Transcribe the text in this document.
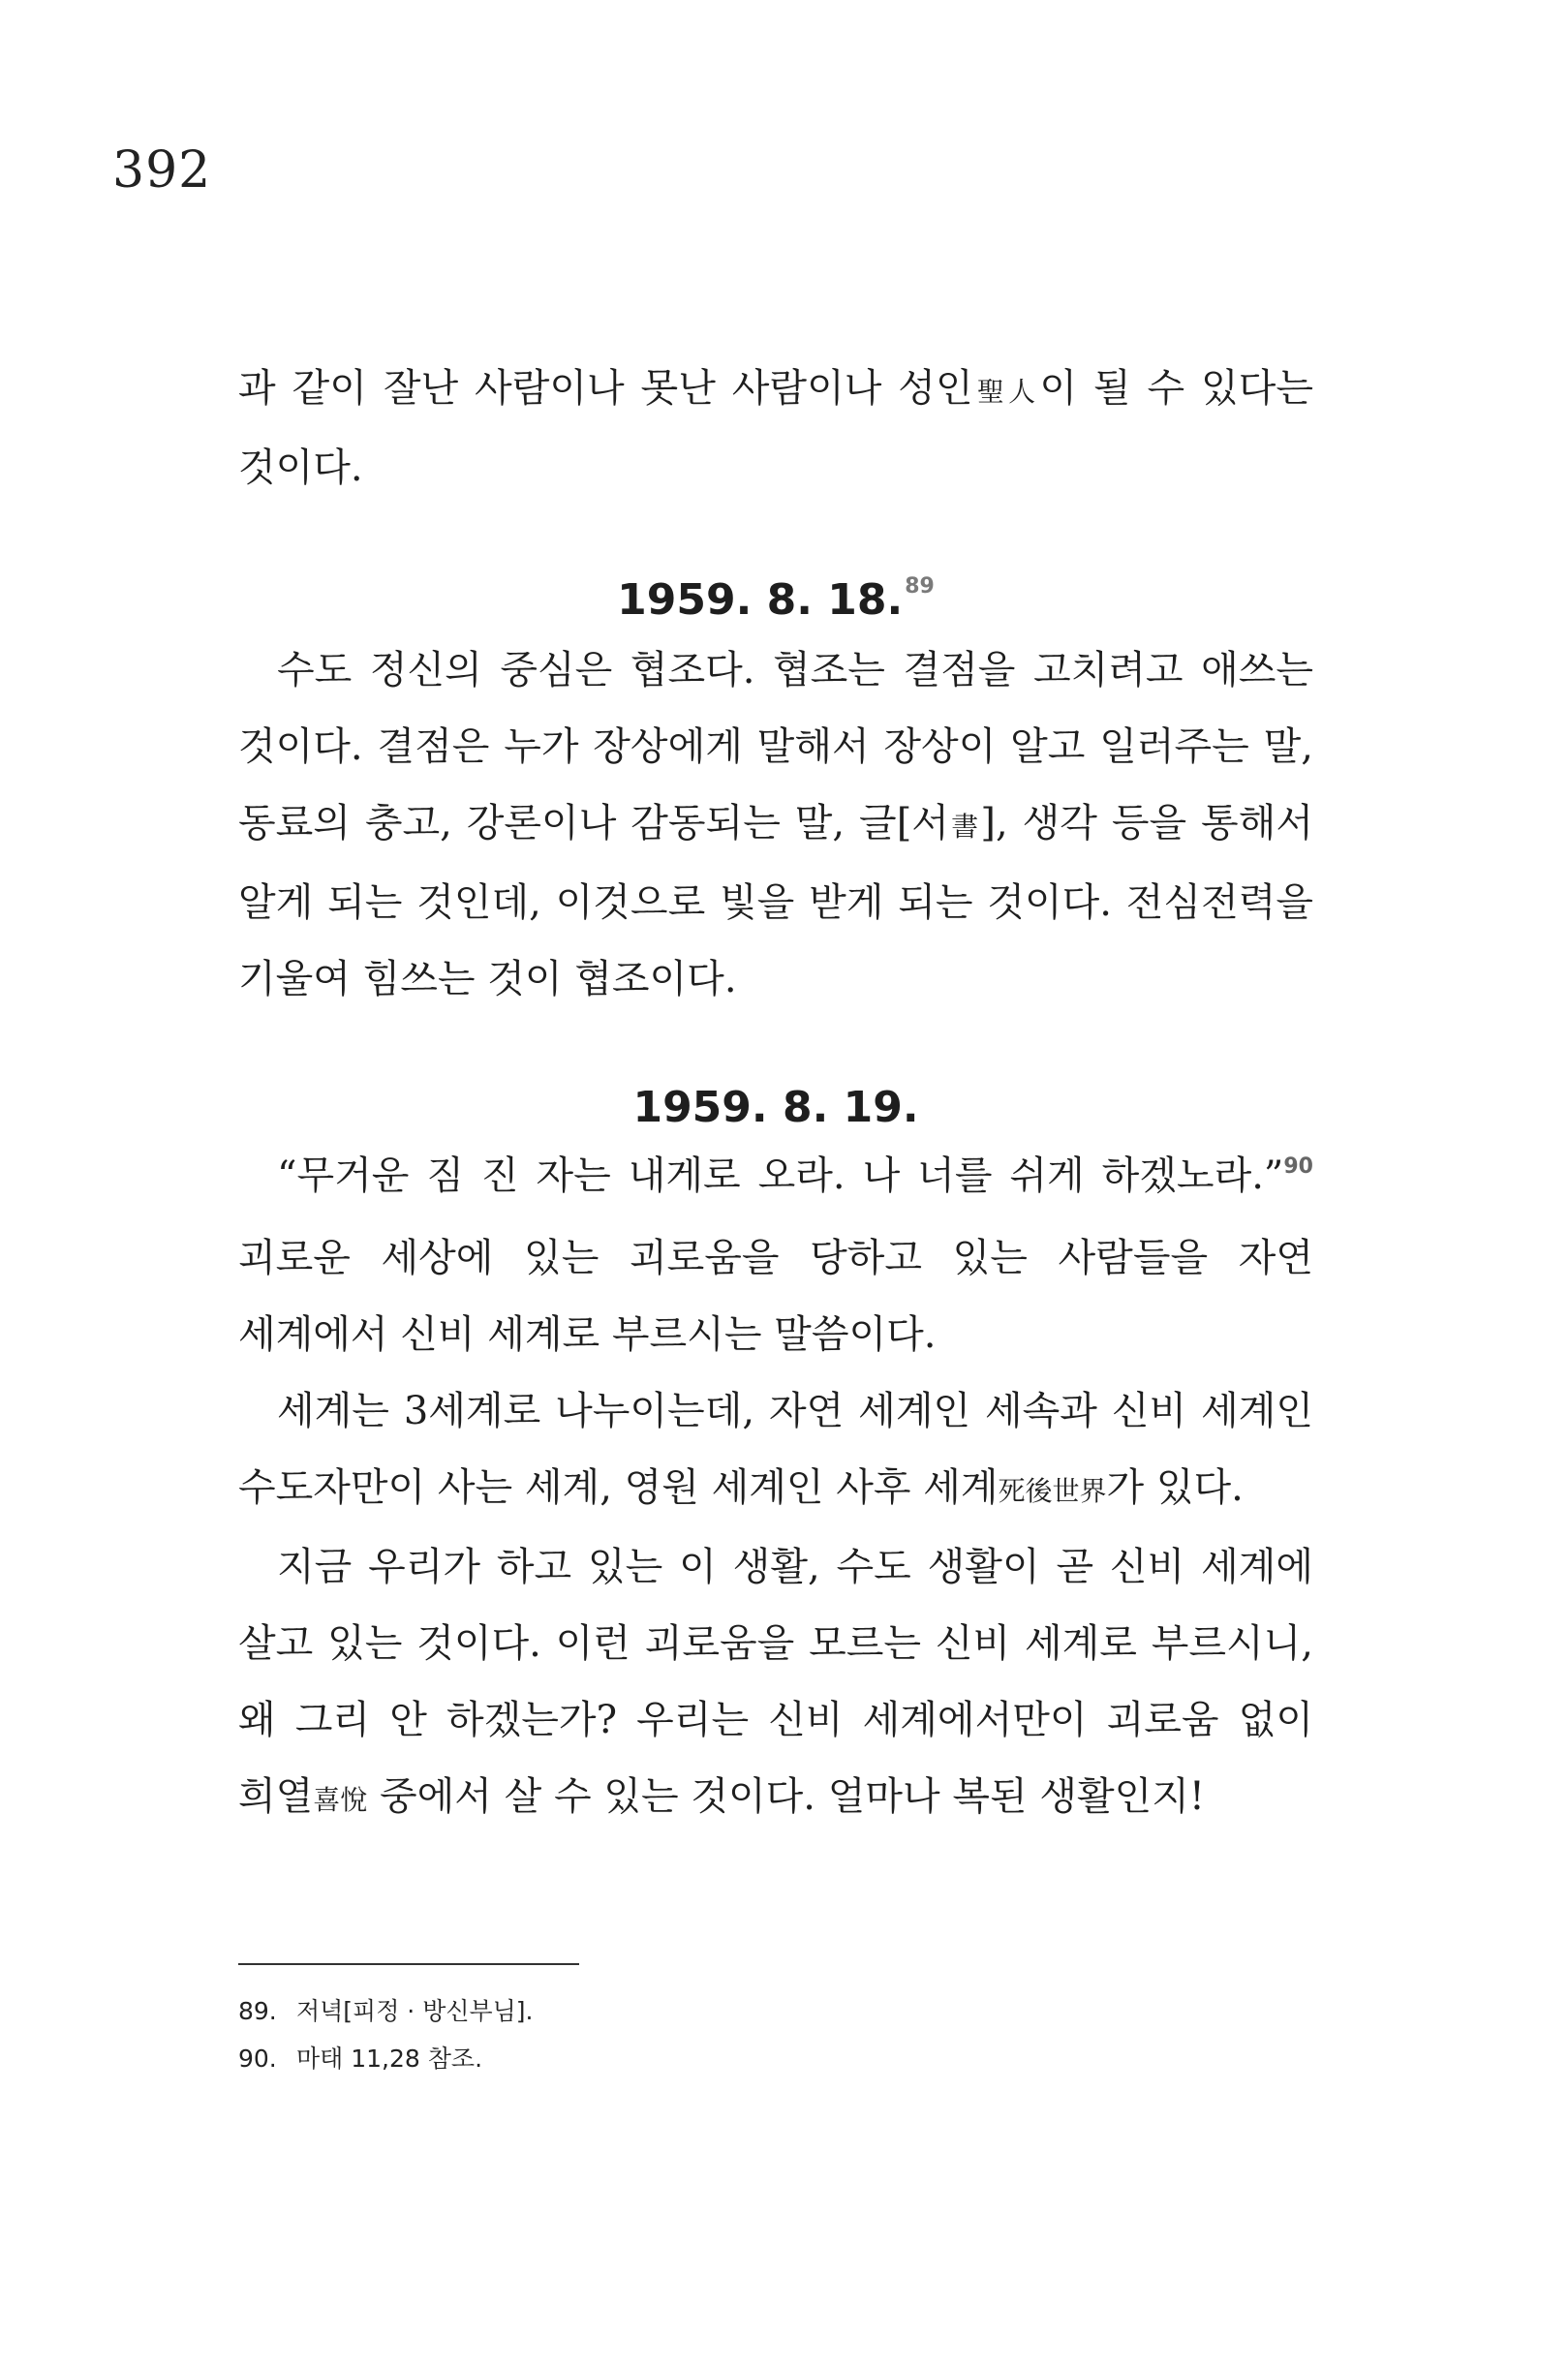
392

과 같이 잘난 사람이나 못난 사람이나 성인聖人이 될 수 있다는 것이다.

1959. 8. 18.89

수도 정신의 중심은 협조다. 협조는 결점을 고치려고 애쓰는 것이다. 결점은 누가 장상에게 말해서 장상이 알고 일러주는 말, 동료의 충고, 강론이나 감동되는 말, 글[서書], 생각 등을 통해서 알게 되는 것인데, 이것으로 빛을 받게 되는 것이다. 전심전력을 기울여 힘쓰는 것이 협조이다.

1959. 8. 19.

“무거운 짐 진 자는 내게로 오라. 나 너를 쉬게 하겠노라.”$^{90}$ 괴로운 세상에 있는 괴로움을 당하고 있는 사람들을 자연 세계에서 신비 세계로 부르시는 말씀이다.

세계는 3세계로 나누이는데, 자연 세계인 세속과 신비 세계인 수도자만이 사는 세계, 영원 세계인 사후 세계死後世界가 있다.

지금 우리가 하고 있는 이 생활, 수도 생활이 곧 신비 세계에 살고 있는 것이다. 이런 괴로움을 모르는 신비 세계로 부르시니, 왜 그리 안 하겠는가? 우리는 신비 세계에서만이 괴로움 없이 희열喜悅 중에서 살 수 있는 것이다. 얼마나 복된 생활인지!

89. 저녁[피정 · 방신부님].
90. 마태 11,28 참조.
